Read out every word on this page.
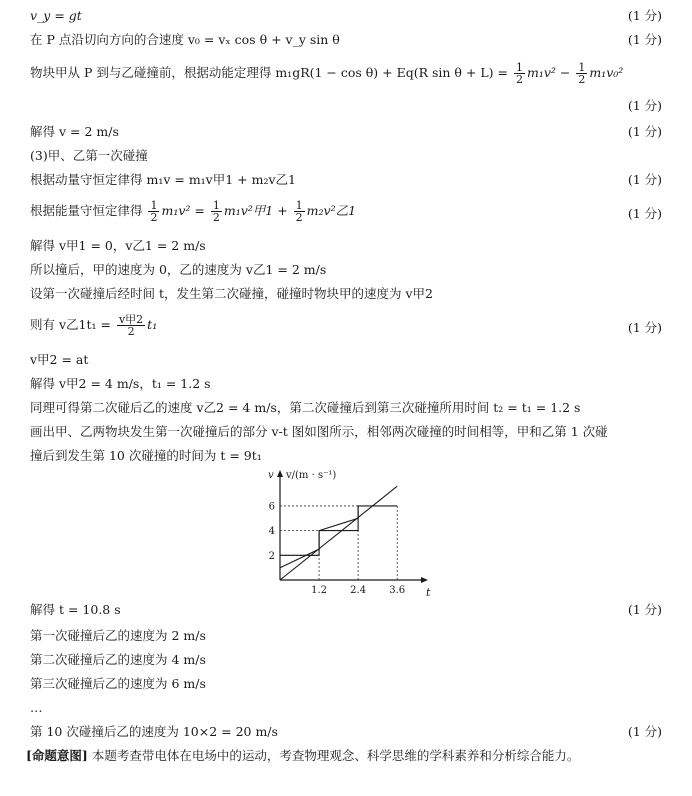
v_y = gt	(1 分)
在 P 点沿切向方向的合速度 v₀ = vₓ cos θ + v_y sin θ	(1 分)
物块甲从 P 到与乙碰撞前，根据动能定理得 m₁gR(1 − cos θ) + Eq(R $\sin \theta + L) = \frac{1}{2} m_1v^2 - \frac{1}{2} m_1v_0^2$
(1 分)
解得 v = 2 m/s	(1 分)
(3)甲、乙第一次碰撞
根据动量守恒定律得 m₁v = m₁v甲1 + m₂v乙1	(1 分)
根据能量守恒定律得 $\frac{1}{2} m_1v^2 = \frac{1}{2} m_1v^2$甲$1 + \frac{1}{2} m_2v^2$乙1	(1 分)
解得 v甲1 = 0，v乙1 = 2 m/s
所以撞后，甲的速度为 0，乙的速度为 v乙1 = 2 m/s
设第一次碰撞后经时间 t，发生第二次碰撞，碰撞时物块甲的速度为 v甲2
则有 v乙$1t_1 = \frac{\text{v甲2}}{2} t_1$	(1 分)
v甲2 = at
解得 v甲2 = 4 m/s，t₁ = 1.2 s
同理可得第二次碰后乙的速度 v乙2 = 4 m/s，第二次碰撞后到第三次碰撞所用时间 t₂ = t₁ = 1.2 s
画出甲、乙两物块发生第一次碰撞后的部分 v-t 图如图所示，相邻两次碰撞的时间相等，甲和乙第 1 次碰
撞后到发生第 10 次碰撞的时间为 t = 9t₁
v v/(m · s⁻¹)
t
1.2 2.4 3.6
2
4
6
解得 t = 10.8 s	(1 分)
第一次碰撞后乙的速度为 2 m/s
第二次碰撞后乙的速度为 4 m/s
第三次碰撞后乙的速度为 6 m/s
…
第 10 次碰撞后乙的速度为 10×2 = 20 m/s	(1 分)
[命题意图] 本题考查带电体在电场中的运动，考查物理观念、科学思维的学科素养和分析综合能力。
